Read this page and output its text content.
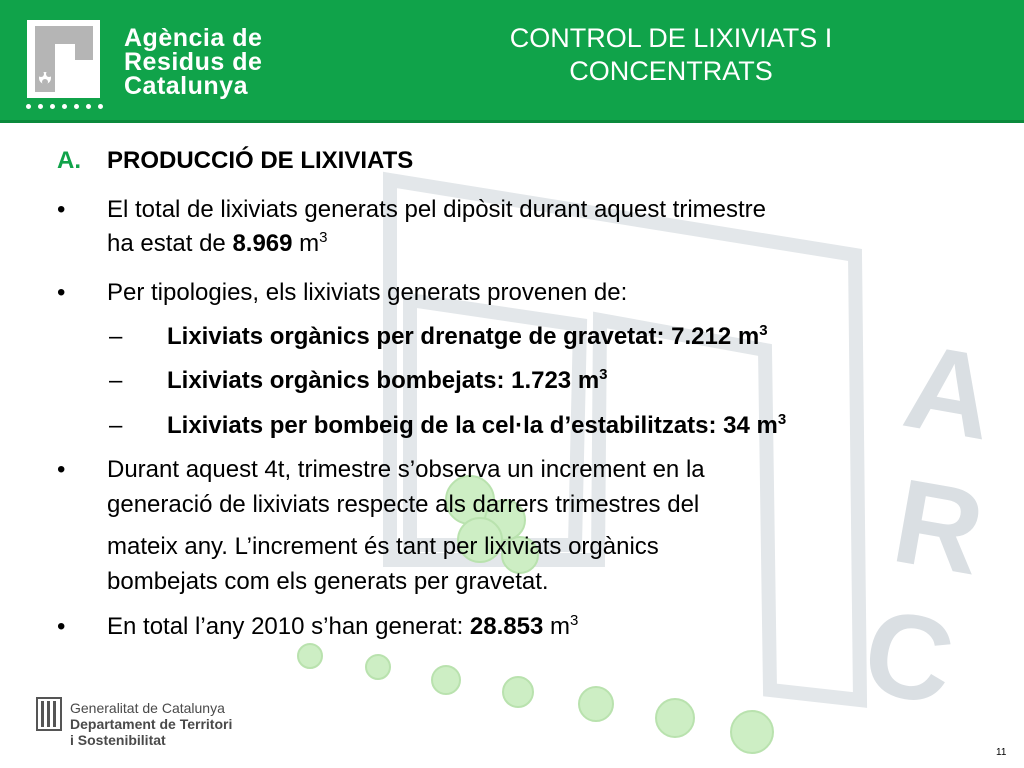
A
R
C
Agència de
Residus de
Catalunya
CONTROL DE LIXIVIATS I
CONCENTRATS
A. PRODUCCIÓ DE LIXIVIATS
• El total de lixiviats generats pel dipòsit durant aquest trimestre
ha estat de 8.969 $m^3$
• Per tipologies, els lixiviats generats provenen de:
– Lixiviats orgànics per drenatge de gravetat: 7.212 $m^3$
– Lixiviats orgànics bombejats: 1.723 $m^3$
– Lixiviats per bombeig de la cel·la d’estabilitzats: 34 $m^3$
• Durant aquest 4t, trimestre s’observa un increment en la
generació de lixiviats respecte als darrers trimestres del
mateix any. L’increment és tant per lixiviats orgànics
bombejats com els generats per gravetat.
• En total l’any 2010 s’han generat: 28.853 $m^3$
Generalitat de Catalunya
Departament de Territori
i Sostenibilitat
11
